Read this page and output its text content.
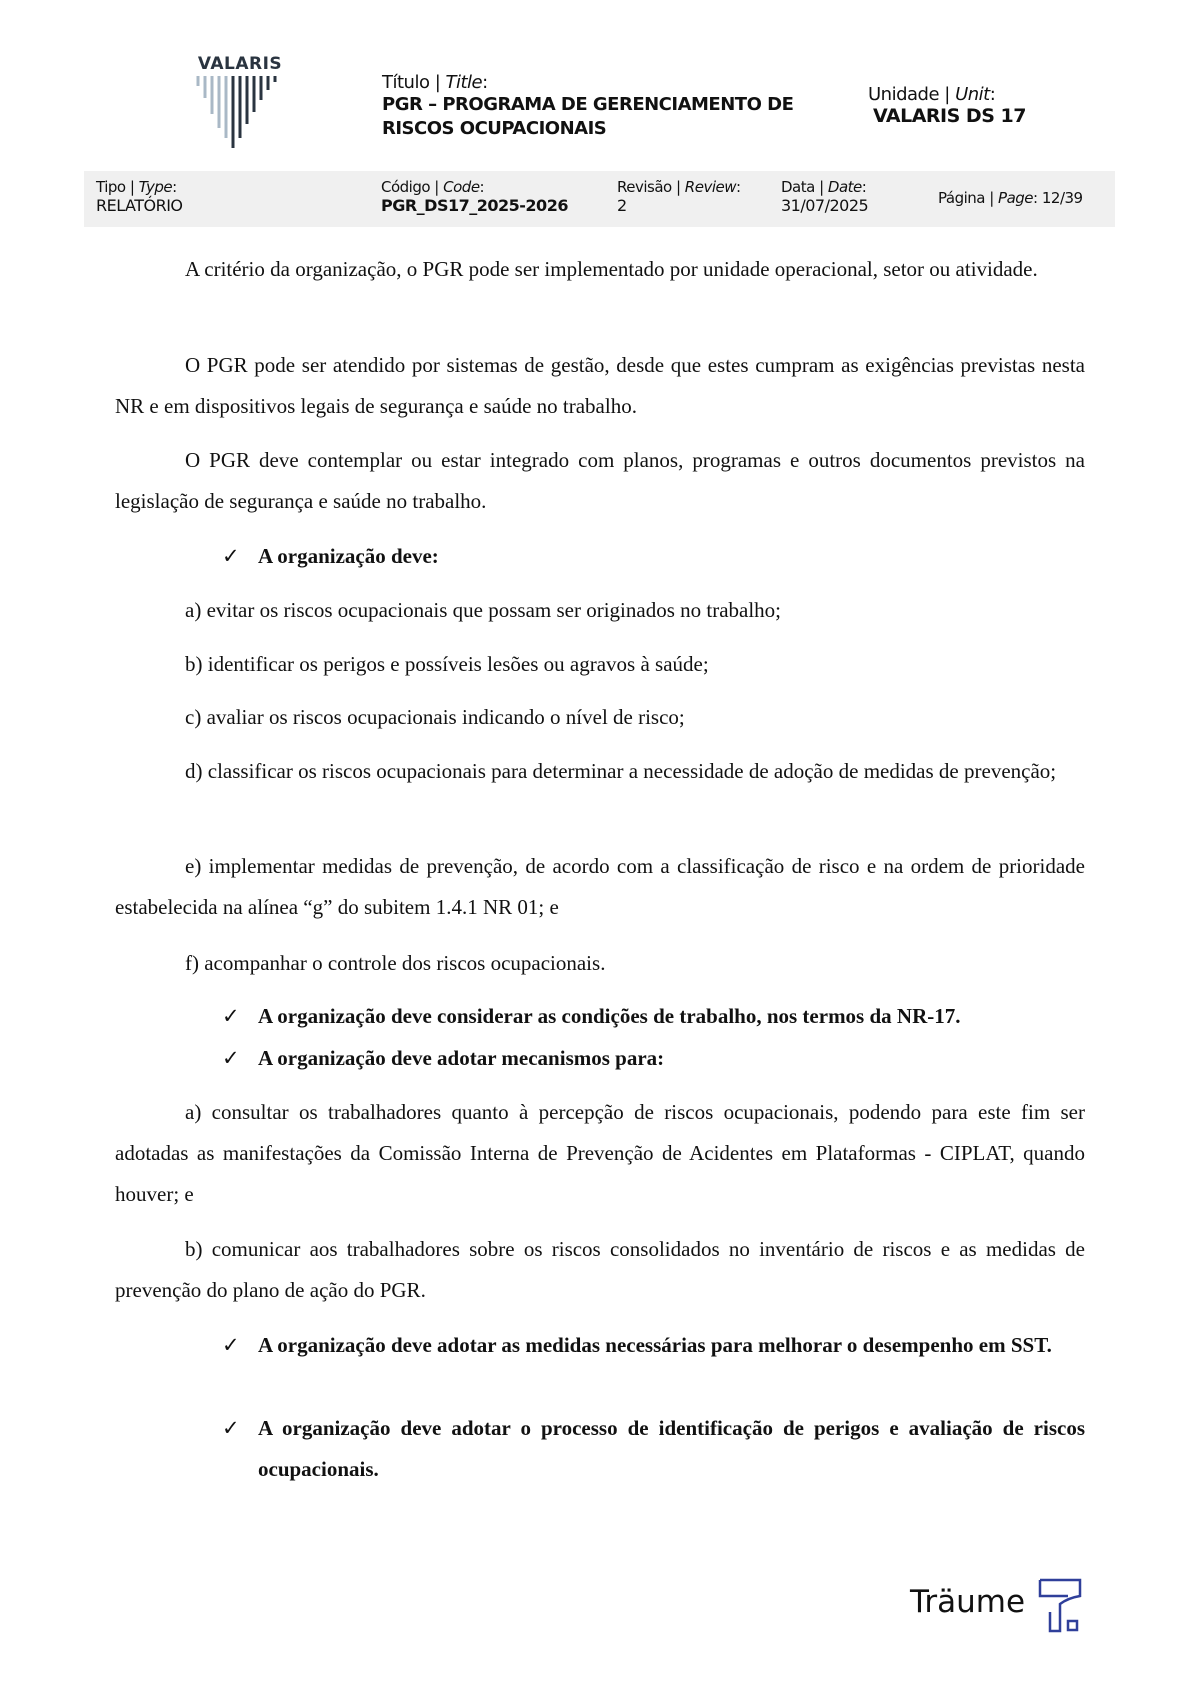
VALARIS
Título | Title:
PGR – PROGRAMA DE GERENCIAMENTO DE
RISCOS OCUPACIONAIS
Unidade | Unit:
VALARIS DS 17
Tipo | Type:
RELATÓRIO
Código | Code:
PGR_DS17_2025-2026
Revisão | Review:
2
Data | Date:
31/07/2025	Página | Page: 12/39
A critério da organização, o PGR pode ser implementado por unidade operacional, setor ou atividade.
O PGR pode ser atendido por sistemas de gestão, desde que estes cumpram as exigências previstas nesta NR e em dispositivos legais de segurança e saúde no trabalho.
O PGR deve contemplar ou estar integrado com planos, programas e outros documentos previstos na legislação de segurança e saúde no trabalho.
✓ A organização deve:
a) evitar os riscos ocupacionais que possam ser originados no trabalho;
b) identificar os perigos e possíveis lesões ou agravos à saúde;
c) avaliar os riscos ocupacionais indicando o nível de risco;
d) classificar os riscos ocupacionais para determinar a necessidade de adoção de medidas de prevenção;
e) implementar medidas de prevenção, de acordo com a classificação de risco e na ordem de prioridade estabelecida na alínea “g” do subitem 1.4.1 NR 01; e
f) acompanhar o controle dos riscos ocupacionais.
✓ A organização deve considerar as condições de trabalho, nos termos da NR-17.
✓ A organização deve adotar mecanismos para:
a) consultar os trabalhadores quanto à percepção de riscos ocupacionais, podendo para este fim ser adotadas as manifestações da Comissão Interna de Prevenção de Acidentes em Plataformas - CIPLAT, quando houver; e
b) comunicar aos trabalhadores sobre os riscos consolidados no inventário de riscos e as medidas de prevenção do plano de ação do PGR.
✓ A organização deve adotar as medidas necessárias para melhorar o desempenho em SST.
✓ A organização deve adotar o processo de identificação de perigos e avaliação de riscos ocupacionais.
Träume
